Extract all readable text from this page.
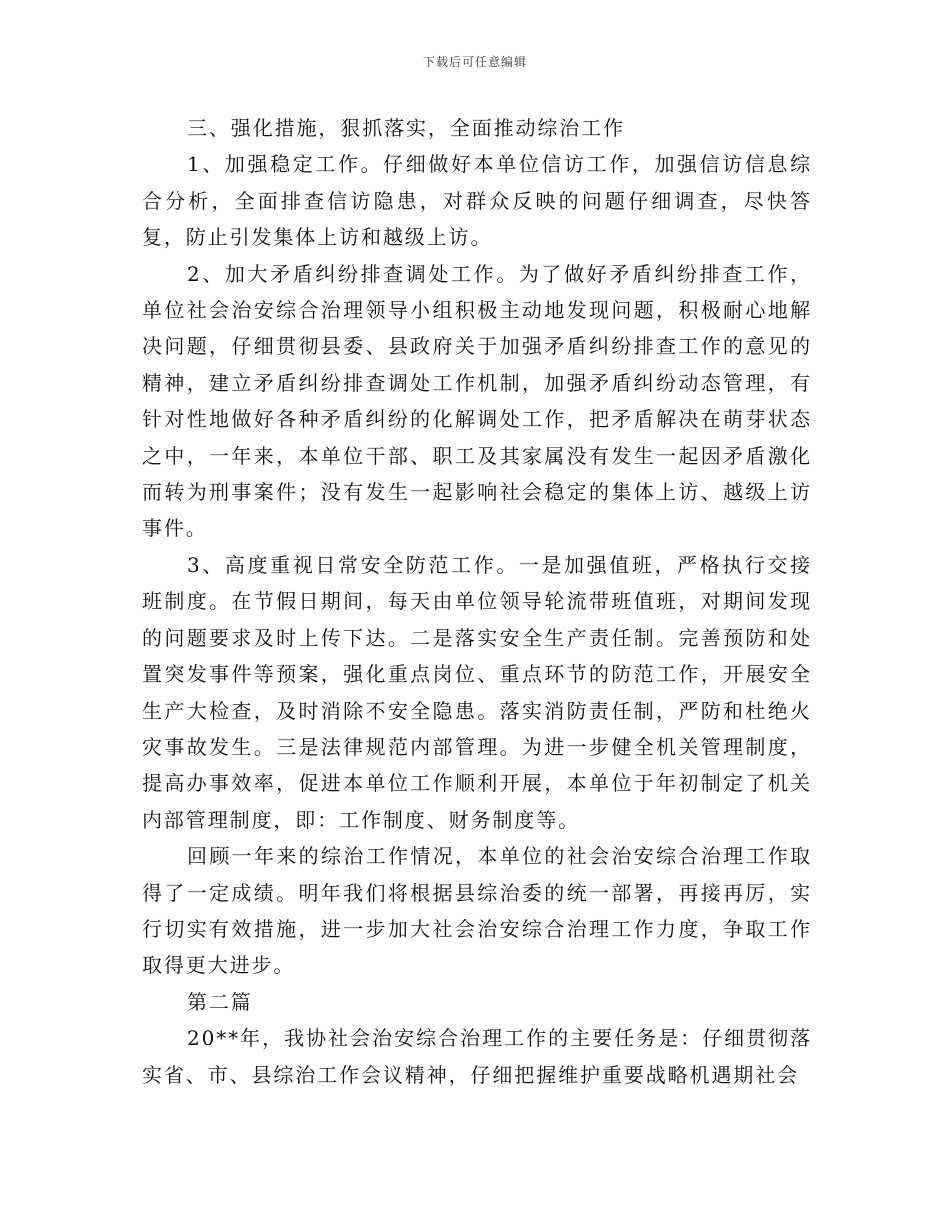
下载后可任意编辑

三、强化措施，狠抓落实，全面推动综治工作

1、加强稳定工作。仔细做好本单位信访工作，加强信访信息综合分析，全面排查信访隐患，对群众反映的问题仔细调查，尽快答复，防止引发集体上访和越级上访。

2、加大矛盾纠纷排查调处工作。为了做好矛盾纠纷排查工作，单位社会治安综合治理领导小组积极主动地发现问题，积极耐心地解决问题，仔细贯彻县委、县政府关于加强矛盾纠纷排查工作的意见的精神，建立矛盾纠纷排查调处工作机制，加强矛盾纠纷动态管理，有针对性地做好各种矛盾纠纷的化解调处工作，把矛盾解决在萌芽状态之中，一年来，本单位干部、职工及其家属没有发生一起因矛盾激化而转为刑事案件；没有发生一起影响社会稳定的集体上访、越级上访事件。

3、高度重视日常安全防范工作。一是加强值班，严格执行交接班制度。在节假日期间，每天由单位领导轮流带班值班，对期间发现的问题要求及时上传下达。二是落实安全生产责任制。完善预防和处置突发事件等预案，强化重点岗位、重点环节的防范工作，开展安全生产大检查，及时消除不安全隐患。落实消防责任制，严防和杜绝火灾事故发生。三是法律规范内部管理。为进一步健全机关管理制度，提高办事效率，促进本单位工作顺利开展，本单位于年初制定了机关内部管理制度，即：工作制度、财务制度等。

回顾一年来的综治工作情况，本单位的社会治安综合治理工作取得了一定成绩。明年我们将根据县综治委的统一部署，再接再厉，实行切实有效措施，进一步加大社会治安综合治理工作力度，争取工作取得更大进步。

第二篇

20**年，我协社会治安综合治理工作的主要任务是：仔细贯彻落实省、市、县综治工作会议精神，仔细把握维护重要战略机遇期社会
